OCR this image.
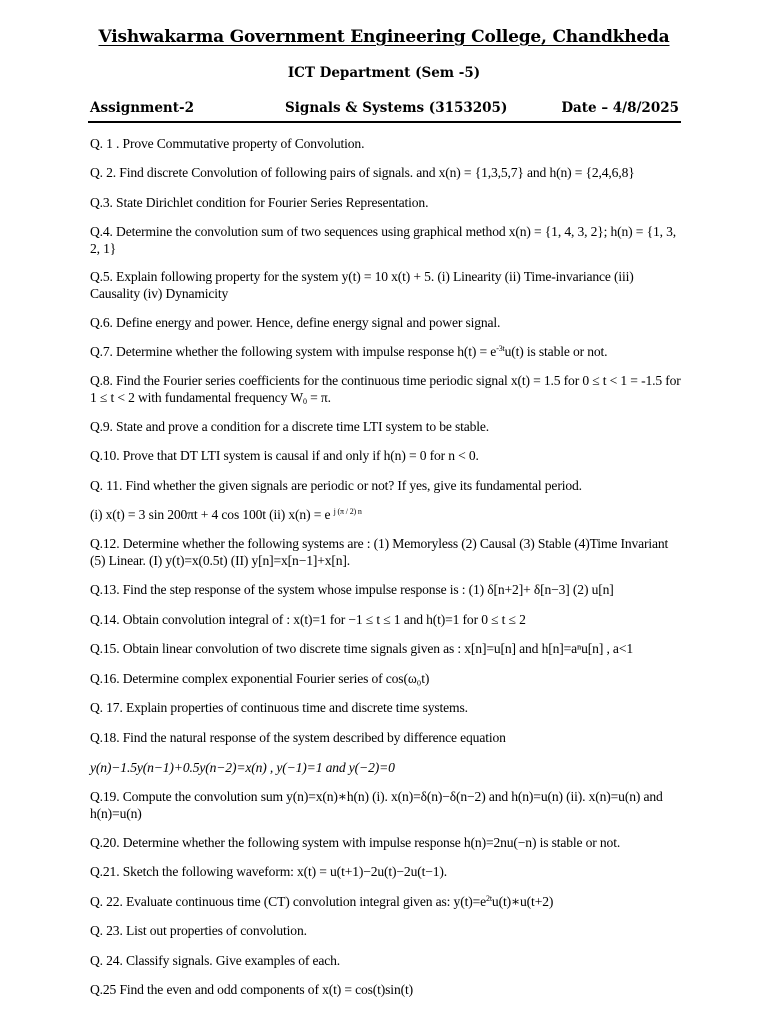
Vishwakarma Government Engineering College, Chandkheda
ICT Department (Sem -5)
Assignment-2	Signals & Systems (3153205)	Date – 4/8/2025
Q. 1 . Prove Commutative property of Convolution.
Q. 2. Find discrete Convolution of following pairs of signals. and x(n) = {1,3,5,7} and h(n) = {2,4,6,8}
Q.3. State Dirichlet condition for Fourier Series Representation.
Q.4. Determine the convolution sum of two sequences using graphical method x(n) = {1, 4, 3, 2}; h(n) = {1, 3, 2, 1}
Q.5. Explain following property for the system y(t) = 10 x(t) + 5. (i) Linearity (ii) Time-invariance (iii) Causality (iv) Dynamicity
Q.6. Define energy and power. Hence, define energy signal and power signal.
Q.7. Determine whether the following system with impulse response $h(t) = e^{-3t}u(t)$ is stable or not.
Q.8. Find the Fourier series coefficients for the continuous time periodic signal x(t) = 1.5 for 0 ≤ t < 1 = -1.5 for 1 ≤ t < 2 with fundamental frequency $W_0 = \pi$.
Q.9. State and prove a condition for a discrete time LTI system to be stable.
Q.10. Prove that DT LTI system is causal if and only if h(n) = 0 for n < 0.
Q. 11. Find whether the given signals are periodic or not? If yes, give its fundamental period.
(i) x(t) = 3 sin 200πt + 4 cos 100t (ii) x(n) = e $^{j (\pi / 2) n}$
Q.12. Determine whether the following systems are : (1) Memoryless (2) Causal (3) Stable (4)Time Invariant (5) Linear. (I) y(t)=x(0.5t) (II) y[n]=x[n−1]+x[n].
Q.13. Find the step response of the system whose impulse response is : (1) δ[n+2]+ δ[n−3] (2) u[n]
Q.14. Obtain convolution integral of : x(t)=1 for −1 ≤ t ≤ 1 and h(t)=1 for 0 ≤ t ≤ 2
Q.15. Obtain linear convolution of two discrete time signals given as : x[n]=u[n] and h[n]=aⁿu[n] , a<1
Q.16. Determine complex exponential Fourier series of cos(ω₀t)
Q. 17. Explain properties of continuous time and discrete time systems.
Q.18. Find the natural response of the system described by difference equation
y(n)−1.5y(n−1)+0.5y(n−2)=x(n) , y(−1)=1 and y(−2)=0
Q.19. Compute the convolution sum y(n)=x(n)∗h(n) (i). x(n)=δ(n)−δ(n−2) and h(n)=u(n) (ii). x(n)=u(n) and h(n)=u(n)
Q.20. Determine whether the following system with impulse response h(n)=2nu(−n) is stable or not.
Q.21. Sketch the following waveform: x(t) = u(t+1)−2u(t)−2u(t−1).
Q. 22. Evaluate continuous time (CT) convolution integral given as: $y(t)=e^{2t}u(t)∗u(t+2)$
Q. 23. List out properties of convolution.
Q. 24. Classify signals. Give examples of each.
Q.25 Find the even and odd components of x(t) = cos(t)sin(t)
